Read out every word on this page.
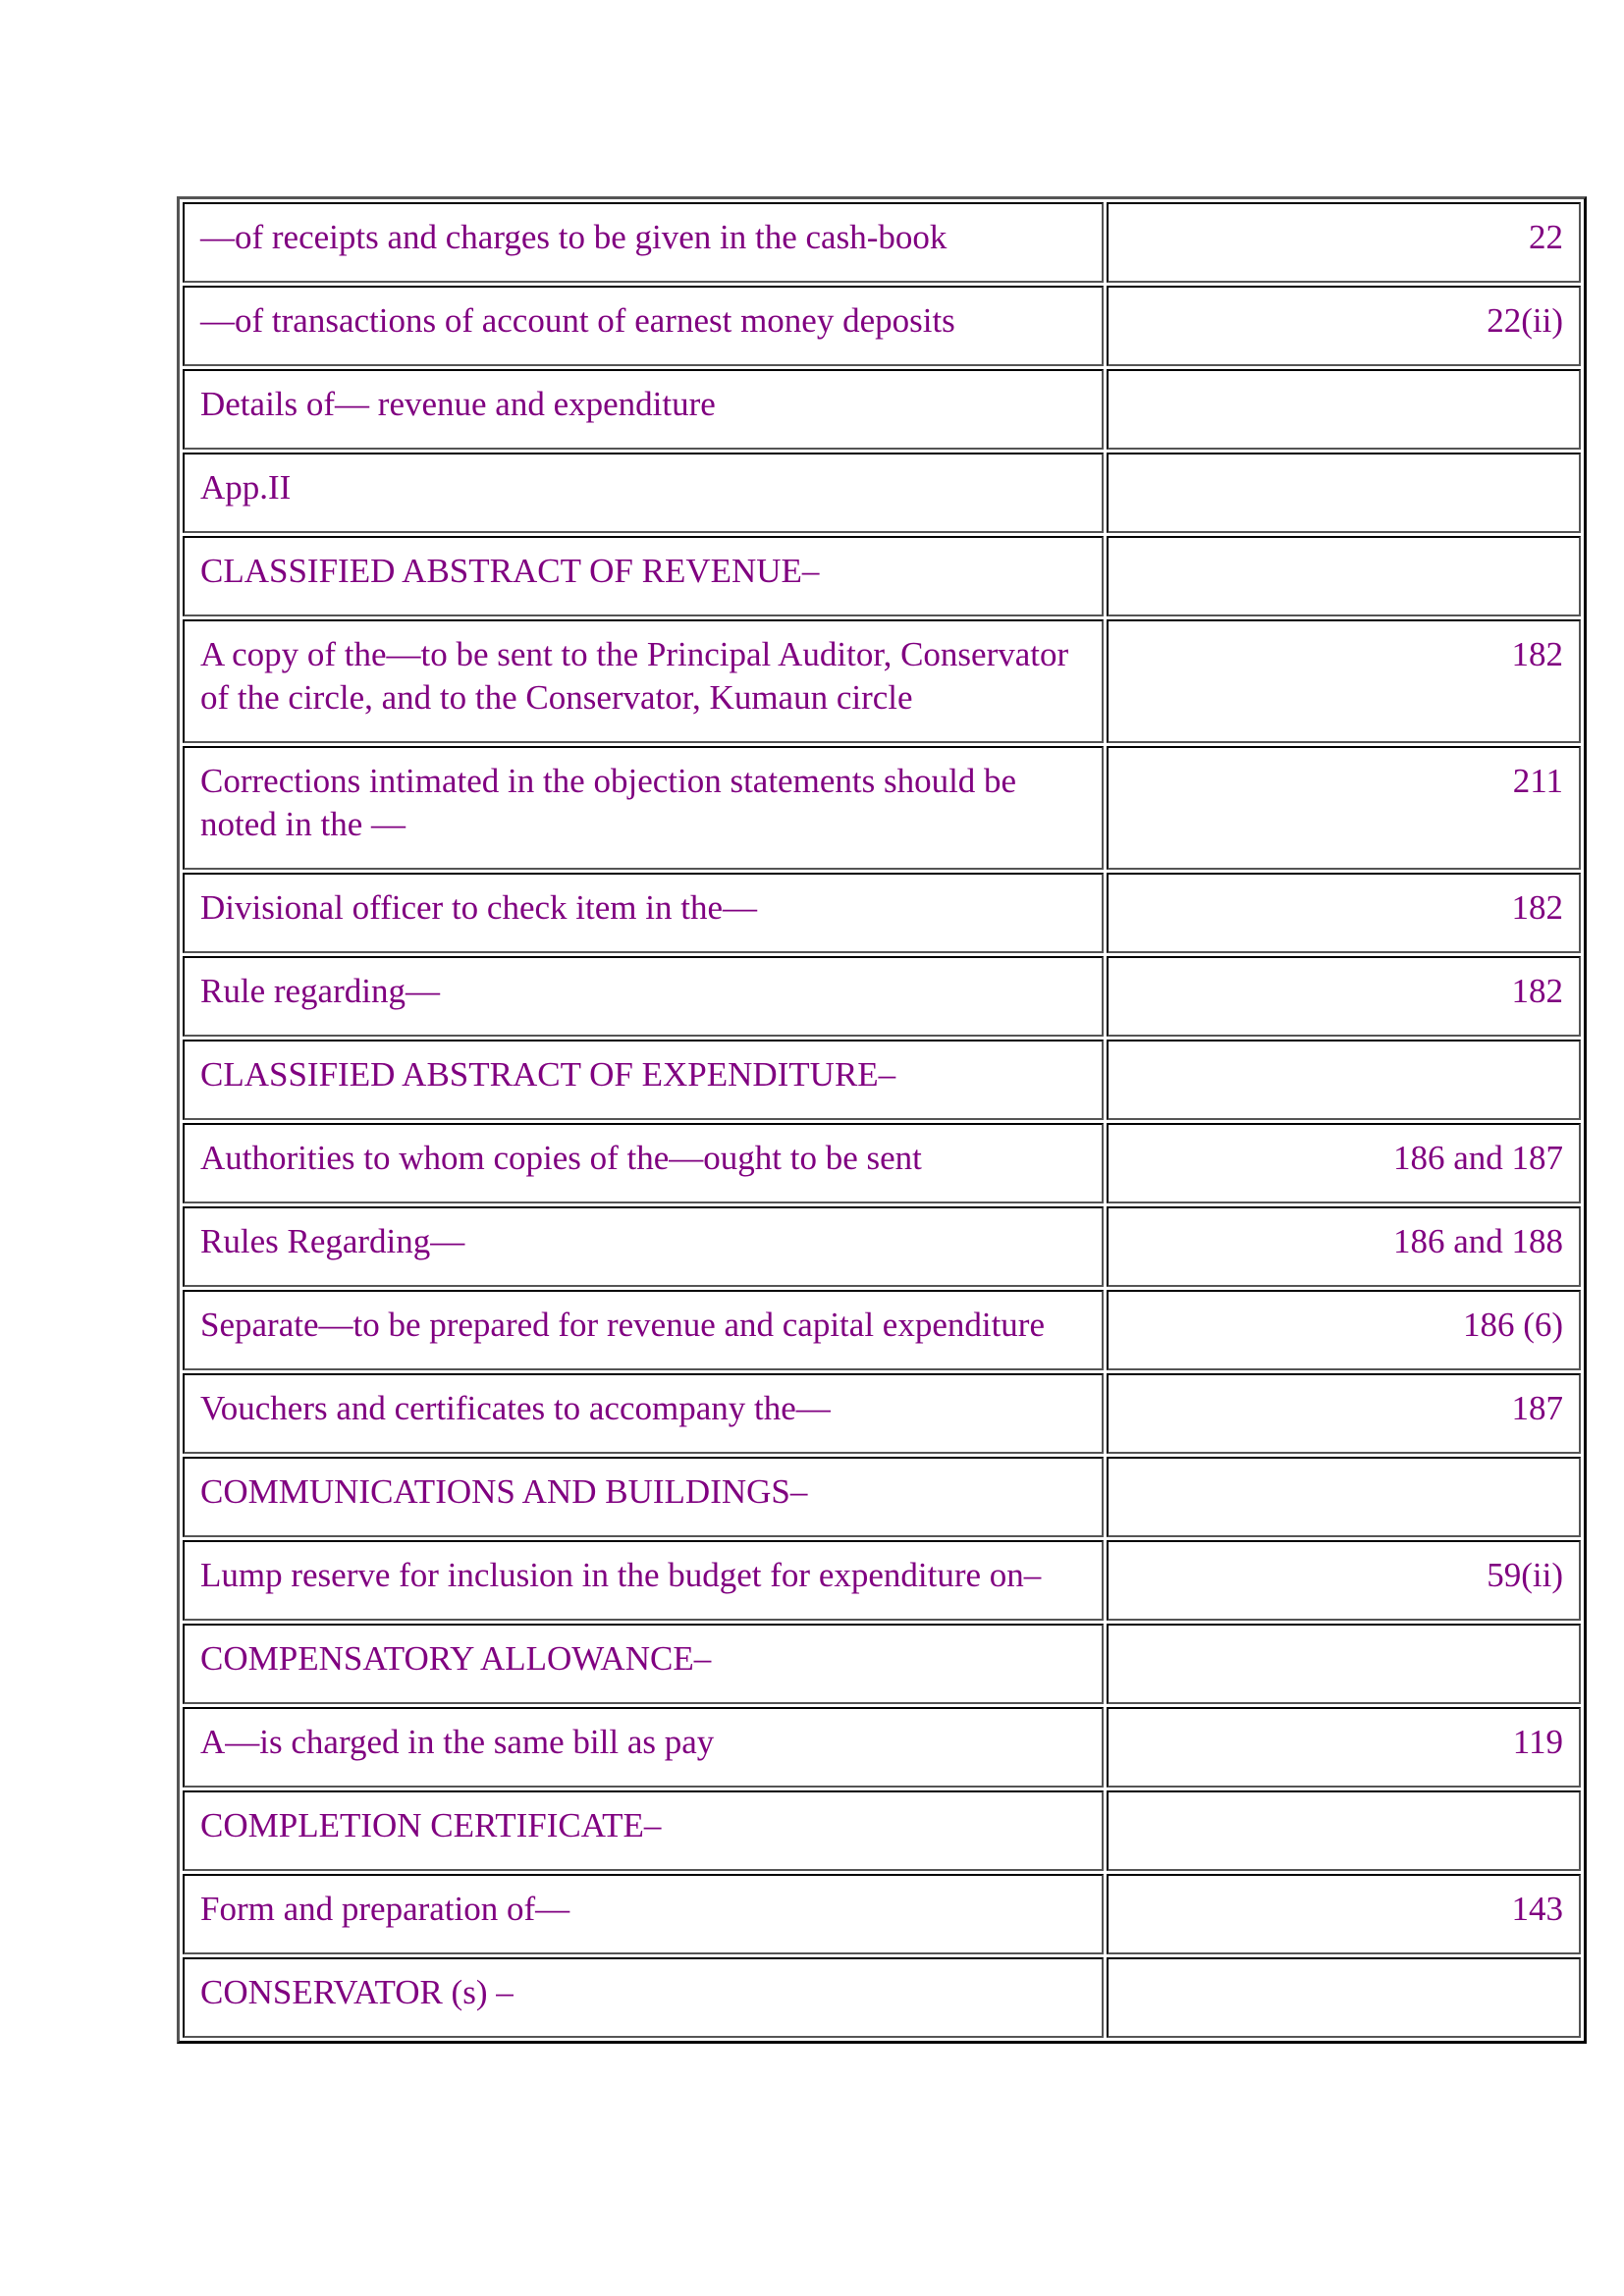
—of receipts and charges to be given in the cash-book	22
—of transactions of account of earnest money deposits	22(ii)
Details of— revenue and expenditure	
App.II	
CLASSIFIED ABSTRACT OF REVENUE–	
A copy of the—to be sent to the Principal Auditor, Conservator of the circle, and to the Conservator, Kumaun circle	182
Corrections intimated in the objection statements should be noted in the —	211
Divisional officer to check item in the—	182
Rule regarding—	182
CLASSIFIED ABSTRACT OF EXPENDITURE–	
Authorities to whom copies of the—ought to be sent	186 and 187
Rules Regarding—	186 and 188
Separate—to be prepared for revenue and capital expenditure	186 (6)
Vouchers and certificates to accompany the—	187
COMMUNICATIONS AND BUILDINGS–	
Lump reserve for inclusion in the budget for expenditure on–	59(ii)
COMPENSATORY ALLOWANCE–	
A—is charged in the same bill as pay	119
COMPLETION CERTIFICATE–	
Form and preparation of—	143
CONSERVATOR (s) –	
